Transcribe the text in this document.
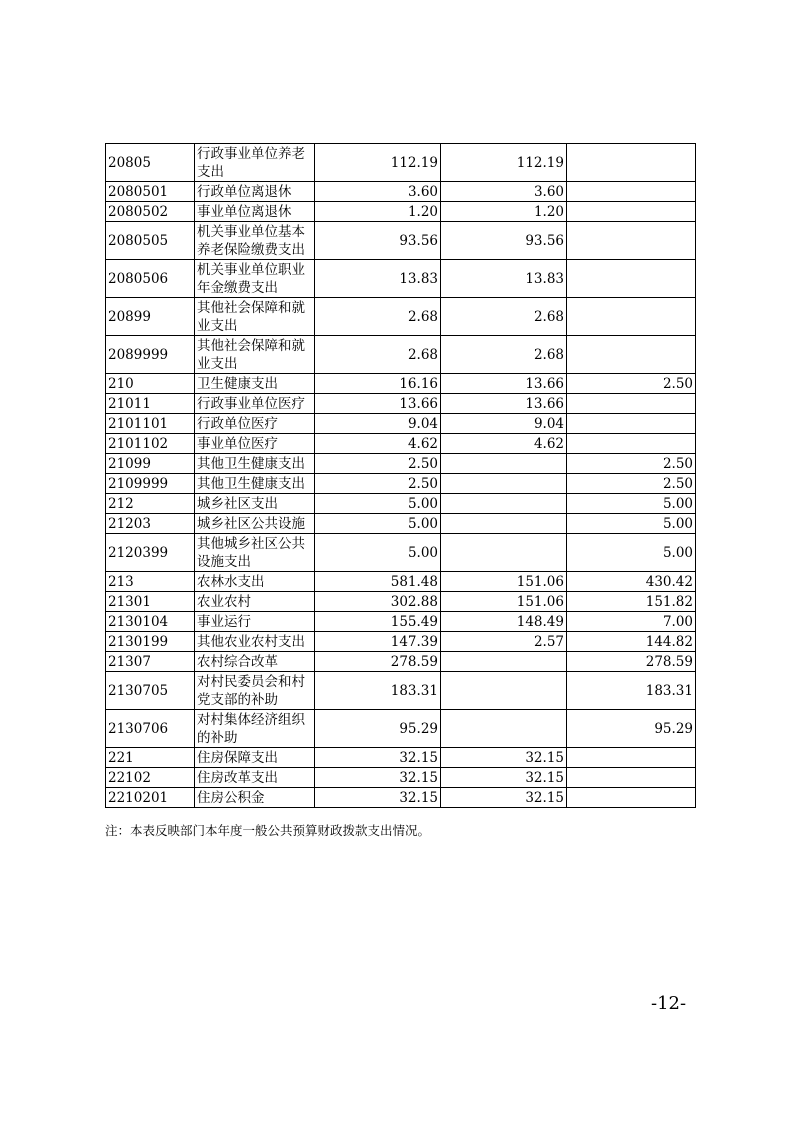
20805	行政事业单位养老支出	112.19	112.19	
2080501	行政单位离退休	3.60	3.60	
2080502	事业单位离退休	1.20	1.20	
2080505	机关事业单位基本养老保险缴费支出	93.56	93.56	
2080506	机关事业单位职业年金缴费支出	13.83	13.83	
20899	其他社会保障和就业支出	2.68	2.68	
2089999	其他社会保障和就业支出	2.68	2.68	
210	卫生健康支出	16.16	13.66	2.50
21011	行政事业单位医疗	13.66	13.66	
2101101	行政单位医疗	9.04	9.04	
2101102	事业单位医疗	4.62	4.62	
21099	其他卫生健康支出	2.50		2.50
2109999	其他卫生健康支出	2.50		2.50
212	城乡社区支出	5.00		5.00
21203	城乡社区公共设施	5.00		5.00
2120399	其他城乡社区公共设施支出	5.00		5.00
213	农林水支出	581.48	151.06	430.42
21301	农业农村	302.88	151.06	151.82
2130104	事业运行	155.49	148.49	7.00
2130199	其他农业农村支出	147.39	2.57	144.82
21307	农村综合改革	278.59		278.59
2130705	对村民委员会和村党支部的补助	183.31		183.31
2130706	对村集体经济组织的补助	95.29		95.29
221	住房保障支出	32.15	32.15	
22102	住房改革支出	32.15	32.15	
2210201	住房公积金	32.15	32.15	
注：本表反映部门本年度一般公共预算财政拨款支出情况。
-12-
